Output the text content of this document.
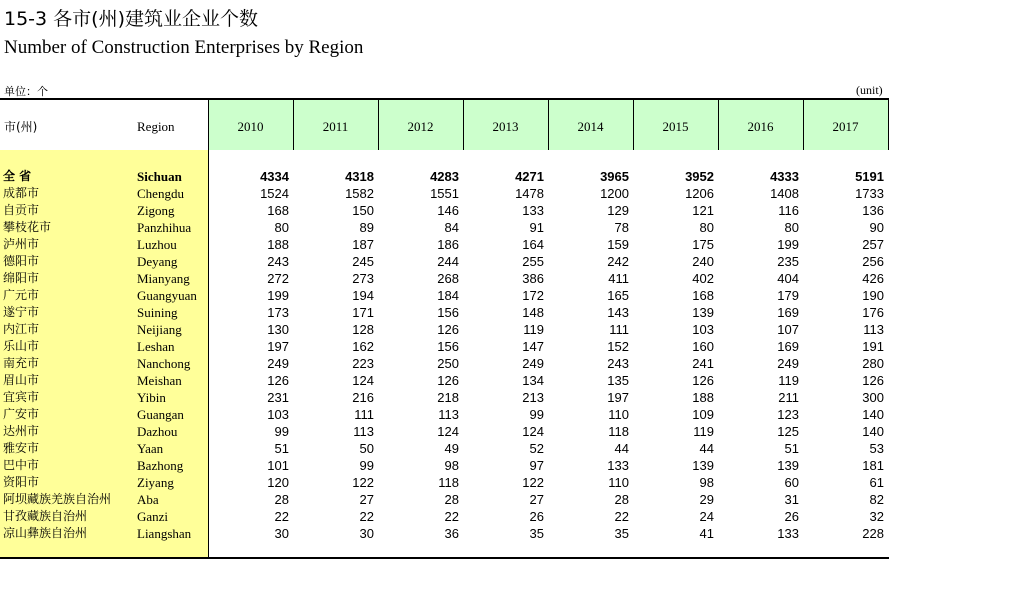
15-3 各市(州)建筑业企业个数
Number of Construction Enterprises by Region
单位：个	(unit)
市(州)	Region	2010	2011	2012	2013	2014	2015	2016	2017
全 省	Sichuan	4334	4318	4283	4271	3965	3952	4333	5191
成都市	Chengdu	1524	1582	1551	1478	1200	1206	1408	1733
自贡市	Zigong	168	150	146	133	129	121	116	136
攀枝花市	Panzhihua	80	89	84	91	78	80	80	90
泸州市	Luzhou	188	187	186	164	159	175	199	257
德阳市	Deyang	243	245	244	255	242	240	235	256
绵阳市	Mianyang	272	273	268	386	411	402	404	426
广元市	Guangyuan	199	194	184	172	165	168	179	190
遂宁市	Suining	173	171	156	148	143	139	169	176
内江市	Neijiang	130	128	126	119	111	103	107	113
乐山市	Leshan	197	162	156	147	152	160	169	191
南充市	Nanchong	249	223	250	249	243	241	249	280
眉山市	Meishan	126	124	126	134	135	126	119	126
宜宾市	Yibin	231	216	218	213	197	188	211	300
广安市	Guangan	103	111	113	99	110	109	123	140
达州市	Dazhou	99	113	124	124	118	119	125	140
雅安市	Yaan	51	50	49	52	44	44	51	53
巴中市	Bazhong	101	99	98	97	133	139	139	181
资阳市	Ziyang	120	122	118	122	110	98	60	61
阿坝藏族羌族自治州 Aba	28	27	28	27	28	29	31	82
甘孜藏族自治州	Ganzi	22	22	22	26	22	24	26	32
凉山彝族自治州	Liangshan	30	30	36	35	35	41	133	228
